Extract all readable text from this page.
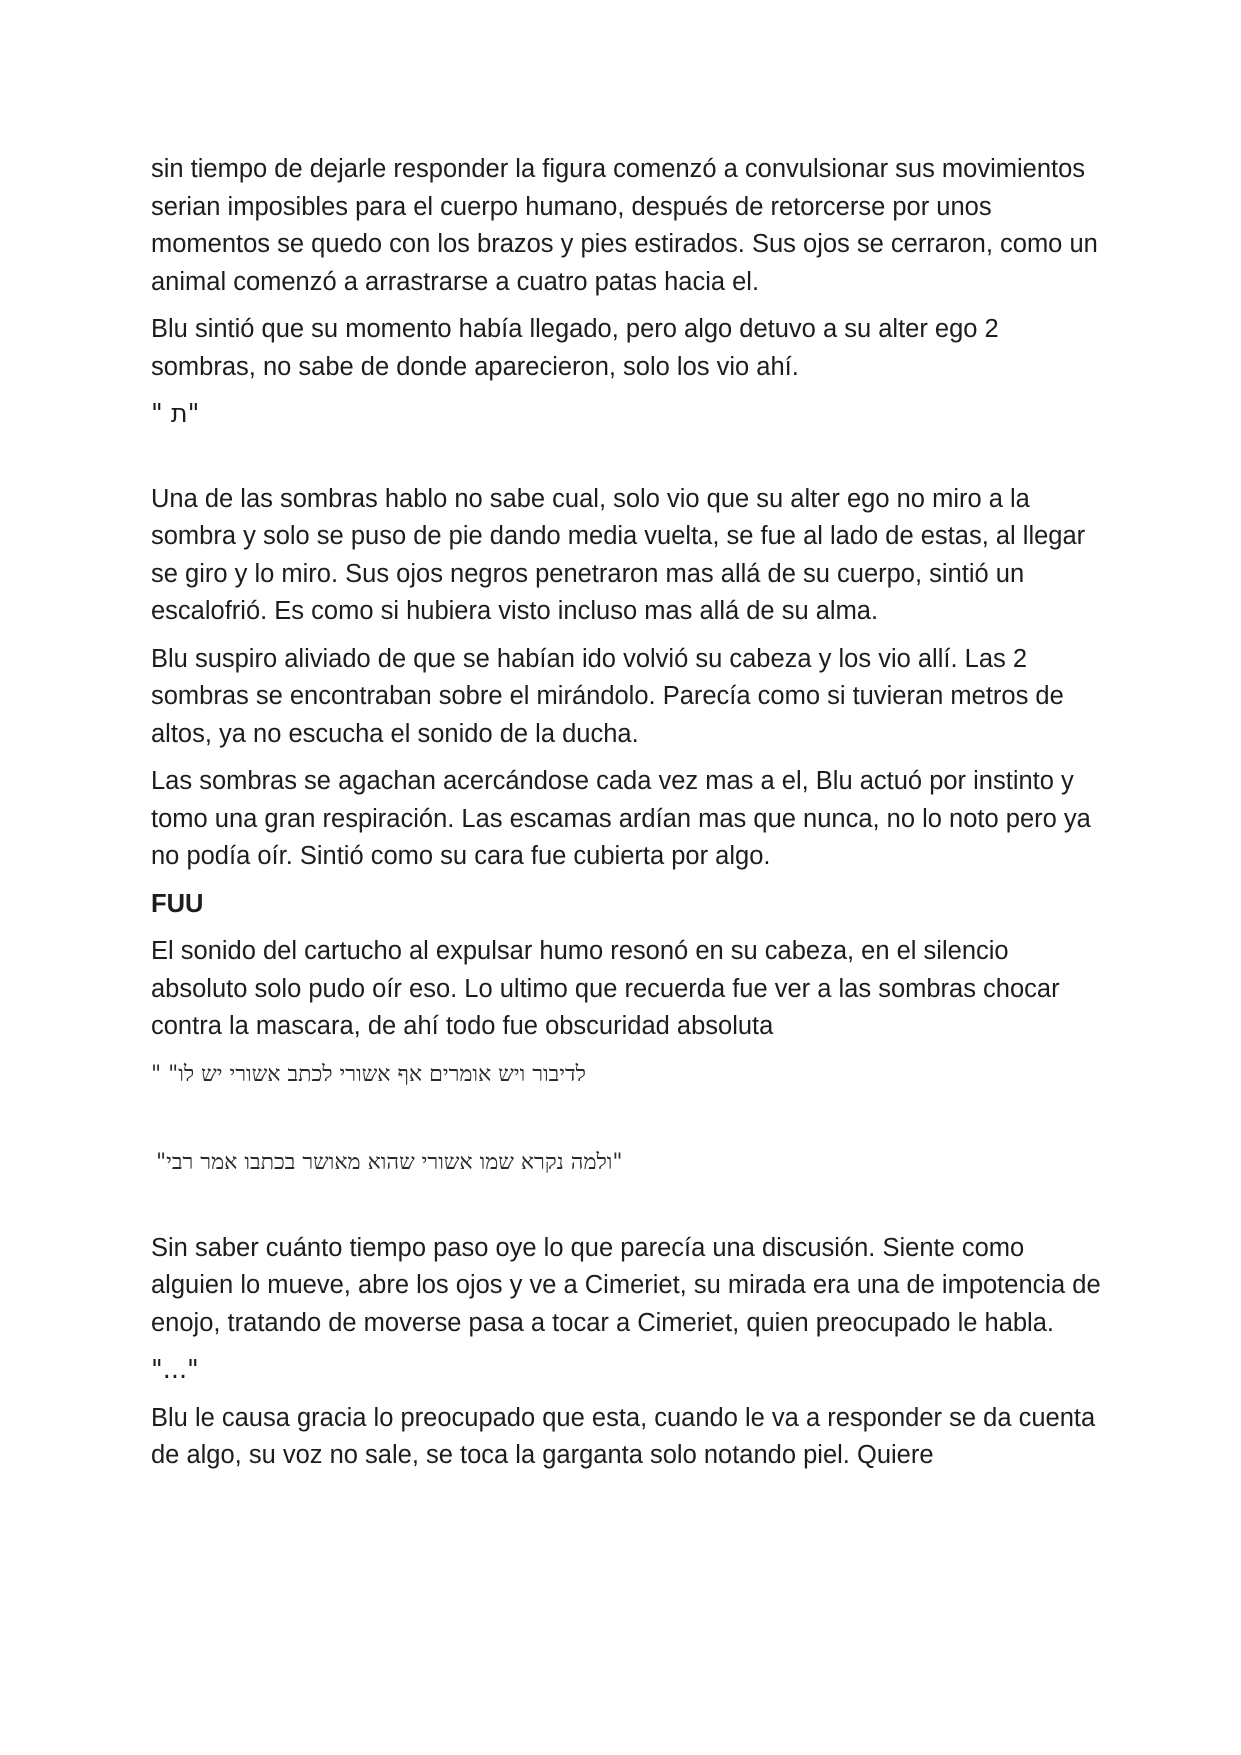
sin tiempo de dejarle responder la figura comenzó a convulsionar sus movimientos serian imposibles para el cuerpo humano, después de retorcerse por unos momentos se quedo con los brazos y pies estirados. Sus ojos se cerraron, como un animal comenzó a arrastrarse a cuatro patas hacia el.

Blu sintió que su momento había llegado, pero algo detuvo a su alter ego 2 sombras, no sabe de donde aparecieron, solo los vio ahí.

" ת"

Una de las sombras hablo no sabe cual, solo vio que su alter ego no miro a la sombra y solo se puso de pie dando media vuelta, se fue al lado de estas, al llegar se giro y lo miro. Sus ojos negros penetraron mas allá de su cuerpo, sintió un escalofrió. Es como si hubiera visto incluso mas allá de su alma.

Blu suspiro aliviado de que se habían ido volvió su cabeza y los vio allí. Las 2 sombras se encontraban sobre el mirándolo. Parecía como si tuvieran metros de altos, ya no escucha el sonido de la ducha.

Las sombras se agachan acercándose cada vez mas a el, Blu actuó por instinto y tomo una gran respiración. Las escamas ardían mas que nunca, no lo noto pero ya no podía oír. Sintió como su cara fue cubierta por algo.

FUU

El sonido del cartucho al expulsar humo resonó en su cabeza, en el silencio absoluto solo pudo oír eso. Lo ultimo que recuerda fue ver a las sombras chocar contra la mascara, de ahí todo fue obscuridad absoluta

" "לדיבור ויש אומרים אף אשורי לכתב אשורי יש לו

"ולמה נקרא שמו אשורי שהוא מאושר בכתבו אמר רבי"

Sin saber cuánto tiempo paso oye lo que parecía una discusión. Siente como alguien lo mueve, abre los ojos y ve a Cimeriet, su mirada era una de impotencia de enojo, tratando de moverse pasa a tocar a Cimeriet, quien preocupado le habla.

"..."

Blu le causa gracia lo preocupado que esta, cuando le va a responder se da cuenta de algo, su voz no sale, se toca la garganta solo notando piel. Quiere
